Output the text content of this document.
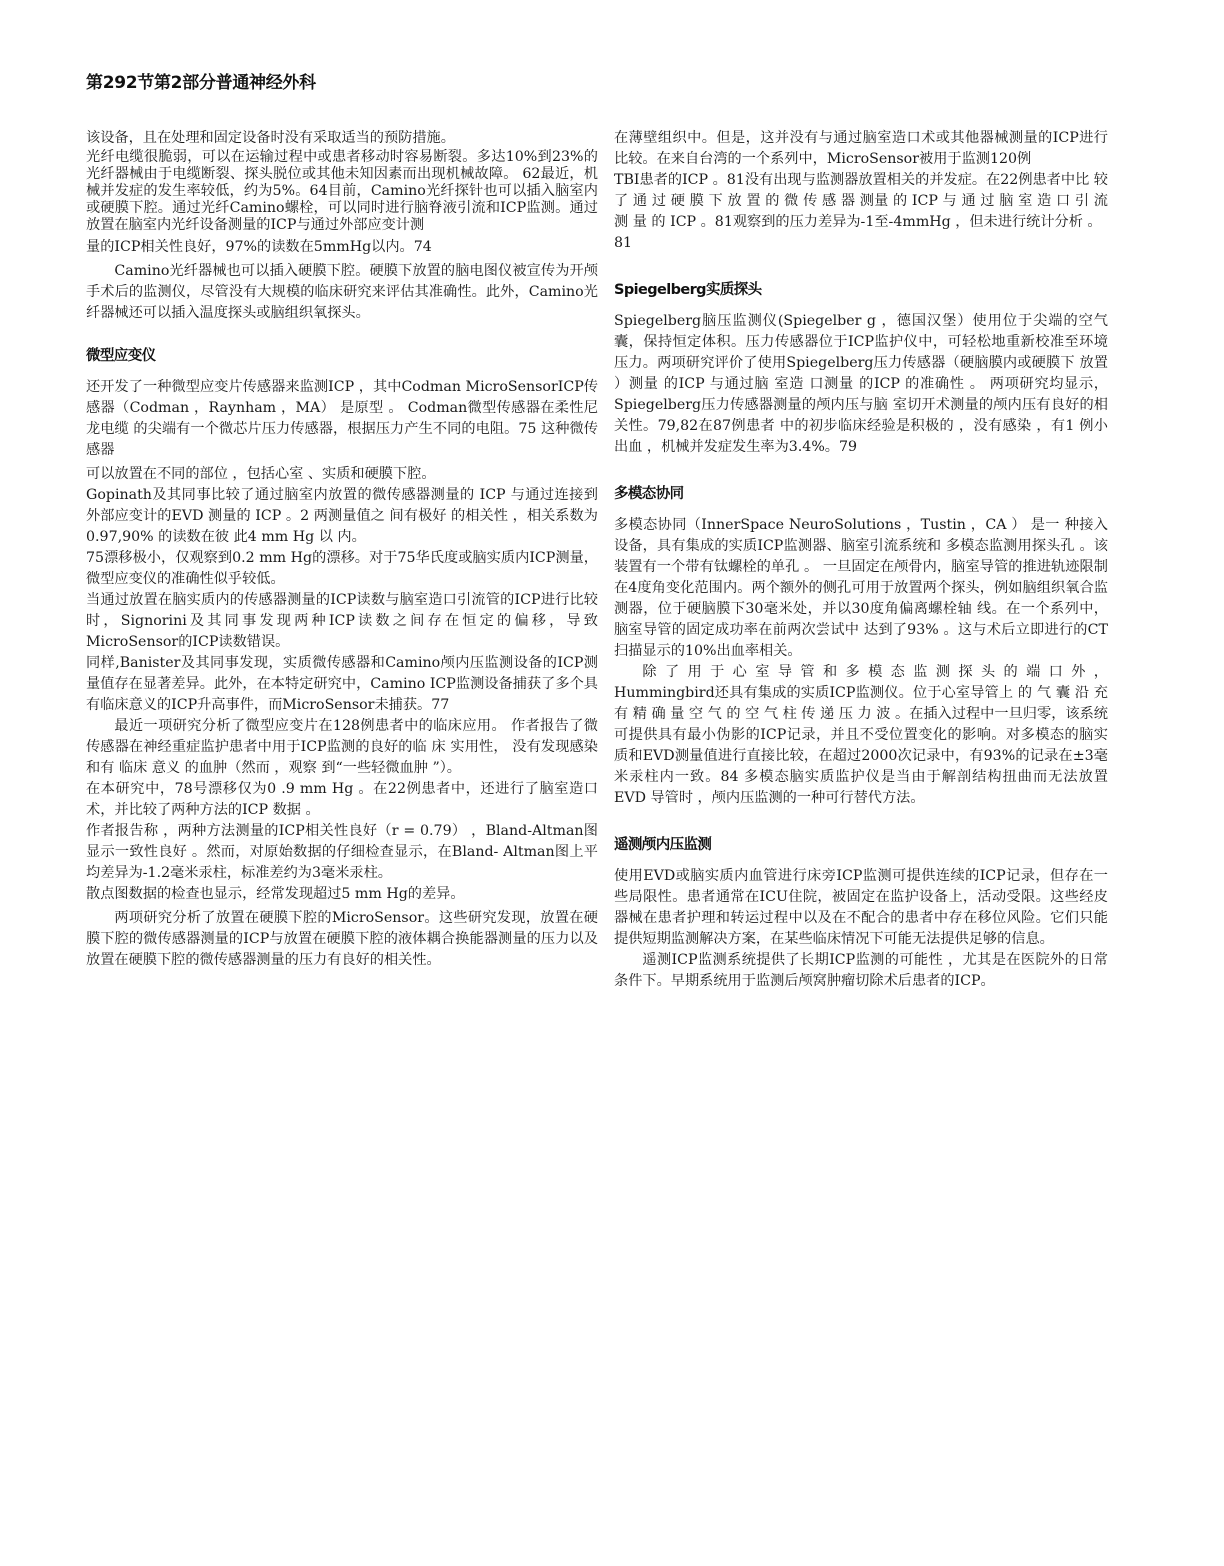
第292节第2部分普通神经外科

该设备，且在处理和固定设备时没有采取适当的预防措施。

光纤电缆很脆弱，可以在运输过程中或患者移动时容易断裂。多达10%到23%的光纤器械由于电缆断裂、探头脱位或其他未知因素而出现机械故障。 62最近，机械并发症的发生率较低，约为5%。64目前，Camino光纤探针也可以插入脑室内或硬膜下腔。通过光纤Camino螺栓，可以同时进行脑脊液引流和ICP监测。通过放置在脑室内光纤设备测量的ICP与通过外部应变计测

量的ICP相关性良好，97%的读数在5mmHg以内。74

Camino光纤器械也可以插入硬膜下腔。硬膜下放置的脑电图仪被宣传为开颅手术后的监测仪，尽管没有大规模的临床研究来评估其准确性。此外，Camino光纤器械还可以插入温度探头或脑组织氧探头。

微型应变仪

还开发了一种微型应变片传感器来监测ICP ，其中Codman MicroSensorICP传感器（Codman ，Raynham ，MA） 是原型 。 Codman微型传感器在柔性尼龙电缆 的尖端有一个微芯片压力传感器，根据压力产生不同的电阻。75 这种微传感器

可以放置在不同的部位 ，包括心室 、实质和硬膜下腔。

Gopinath及其同事比较了通过脑室内放置的微传感器测量的 ICP 与通过连接到外部应变计的EVD 测量的 ICP 。2 两测量值之 间有极好 的相关性 ，相关系数为 0.97,90% 的读数在彼 此4 mm Hg 以 内。

75漂移极小，仅观察到0.2 mm Hg的漂移。对于75华氏度或脑实质内ICP测量，微型应变仪的准确性似乎较低。

当通过放置在脑实质内的传感器测量的ICP读数与脑室造口引流管的ICP进行比较时，Signorini及其同事发现两种ICP读数之间存在恒定的偏移，导致 MicroSensor的ICP读数错误。

同样,Banister及其同事发现，实质微传感器和Camino颅内压监测设备的ICP测量值存在显著差异。此外，在本特定研究中，Camino ICP监测设备捕获了多个具有临床意义的ICP升高事件，而MicroSensor未捕获。77

最近一项研究分析了微型应变片在128例患者中的临床应用。 作者报告了微传感器在神经重症监护患者中用于ICP监测的良好的临 床 实用性， 没有发现感染和有 临床 意义 的血肿（然而 ，观察 到“一些轻微血肿 ”）。

在本研究中，78号漂移仅为0 .9 mm Hg 。在22例患者中，还进行了脑室造口术，并比较了两种方法的ICP 数据 。

作者报告称 ，两种方法测量的ICP相关性良好（r = 0.79） ，Bland-Altman图显示一致性良好 。然而，对原始数据的仔细检查显示，在Bland- Altman图上平均差异为-1.2毫米汞柱，标准差约为3毫米汞柱。

散点图数据的检查也显示，经常发现超过5 mm Hg的差异。

两项研究分析了放置在硬膜下腔的MicroSensor。这些研究发现，放置在硬膜下腔的微传感器测量的ICP与放置在硬膜下腔的液体耦合换能器测量的压力以及放置在硬膜下腔的微传感器测量的压力有良好的相关性。

在薄壁组织中。但是，这并没有与通过脑室造口术或其他器械测量的ICP进行比较。在来自台湾的一个系列中，MicroSensor被用于监测120例

TBI患者的ICP 。81没有出现与监测器放置相关的并发症。在22例患者中比 较 了 通 过 硬 膜 下 放 置 的 微 传 感 器 测量 的 ICP 与 通 过 脑 室 造 口 引 流 测 量 的 ICP 。81观察到的压力差异为-1至-4mmHg ，但未进行统计分析 。

81

Spiegelberg实质探头

Spiegelberg脑压监测仪(Spiegelber g ，德国汉堡）使用位于尖端的空气囊，保持恒定体积。压力传感器位于ICP监护仪中，可轻松地重新校准至环境压力。两项研究评价了使用Spiegelberg压力传感器（硬脑膜内或硬膜下 放置 ）测量 的ICP 与通过脑 室造 口测量 的ICP 的准确性 。 两项研究均显示，Spiegelberg压力传感器测量的颅内压与脑 室切开术测量的颅内压有良好的相关性。79,82在87例患者 中的初步临床经验是积极的 ，没有感染 ，有1 例小出血 ，机械并发症发生率为3.4%。79

多模态协同

多模态协同（InnerSpace NeuroSolutions ，Tustin ，CA ） 是一 种接入设备，具有集成的实质ICP监测器、脑室引流系统和 多模态监测用探头孔 。该装置有一个带有钛螺栓的单孔 。 一旦固定在颅骨内，脑室导管的推进轨迹限制在4度角变化范围内。两个额外的侧孔可用于放置两个探头，例如脑组织氧合监测器，位于硬脑膜下30毫米处，并以30度角偏离螺栓轴 线。在一个系列中，脑室导管的固定成功率在前两次尝试中 达到了93% 。这与术后立即进行的CT扫描显示的10%出血率相关。

除 了 用 于 心 室 导 管 和 多 模 态 监 测 探 头 的 端 口 外 ，Hummingbird还具有集成的实质ICP监测仪。位于心室导管上 的 气 囊 沿 充 有 精 确 量 空 气 的 空 气 柱 传 递 压 力 波 。在插入过程中一旦归零，该系统可提供具有最小伪影的ICP记录，并且不受位置变化的影响。对多模态的脑实质和EVD测量值进行直接比较，在超过2000次记录中，有93%的记录在±3毫米汞柱内一致。84 多模态脑实质监护仪是当由于解剖结构扭曲而无法放置EVD 导管时 ，颅内压监测的一种可行替代方法。

遥测颅内压监测

使用EVD或脑实质内血管进行床旁ICP监测可提供连续的ICP记录，但存在一些局限性。患者通常在ICU住院，被固定在监护设备上，活动受限。这些经皮器械在患者护理和转运过程中以及在不配合的患者中存在移位风险。它们只能提供短期监测解决方案，在某些临床情况下可能无法提供足够的信息。

遥测ICP监测系统提供了长期ICP监测的可能性 ，尤其是在医院外的日常条件下。早期系统用于监测后颅窝肿瘤切除术后患者的ICP。
